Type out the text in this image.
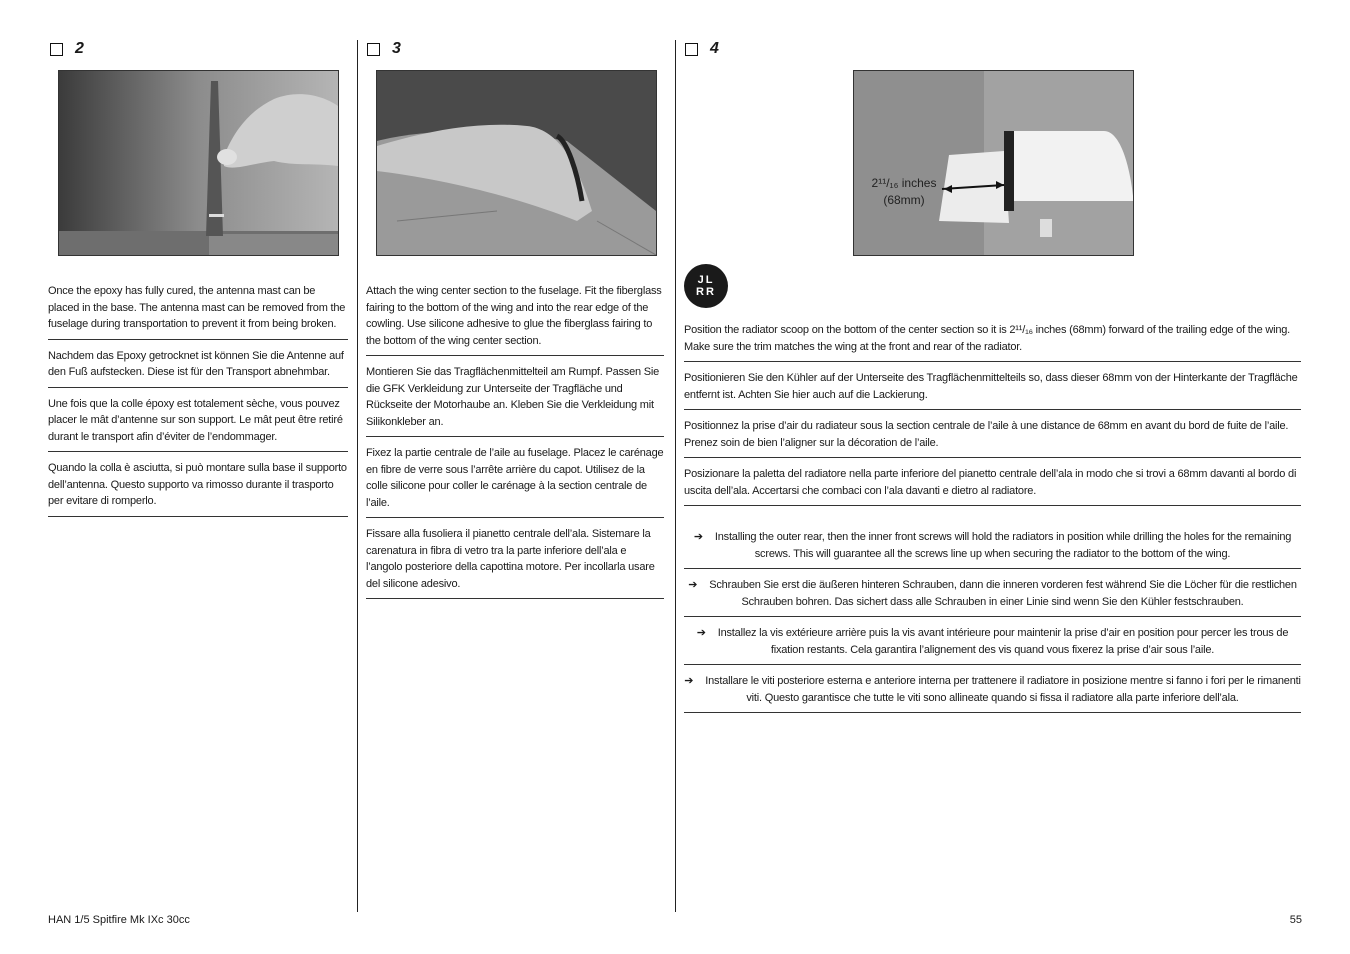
2	3	4
2¹¹/₁₆ inches
(68mm)
JL RR

Once the epoxy has fully cured, the antenna mast can be placed in the base. The antenna mast can be removed from the fuselage during transportation to prevent it from being broken.

Nachdem das Epoxy getrocknet ist können Sie die Antenne auf den Fuß aufstecken. Diese ist für den Transport abnehmbar.

Une fois que la colle époxy est totalement sèche, vous pouvez placer le mât d’antenne sur son support. Le mât peut être retiré durant le transport afin d’éviter de l’endommager.

Quando la colla è asciutta, si può montare sulla base il supporto dell’antenna. Questo supporto va rimosso durante il trasporto per evitare di romperlo.

Attach the wing center section to the fuselage. Fit the fiberglass fairing to the bottom of the wing and into the rear edge of the cowling. Use silicone adhesive to glue the fiberglass fairing to the bottom of the wing center section.

Montieren Sie das Tragflächenmittelteil am Rumpf. Passen Sie die GFK Verkleidung zur Unterseite der Tragfläche und Rückseite der Motorhaube an. Kleben Sie die Verkleidung mit Silikonkleber an.

Fixez la partie centrale de l’aile au fuselage. Placez le carénage en fibre de verre sous l’arrête arrière du capot. Utilisez de la colle silicone pour coller le carénage à la section centrale de l’aile.

Fissare alla fusoliera il pianetto centrale dell’ala. Sistemare la carenatura in fibra di vetro tra la parte inferiore dell’ala e l’angolo posteriore della capottina motore. Per incollarla usare del silicone adesivo.

Position the radiator scoop on the bottom of the center section so it is 2¹¹/₁₆ inches (68mm) forward of the trailing edge of the wing. Make sure the trim matches the wing at the front and rear of the radiator.

Positionieren Sie den Kühler auf der Unterseite des Tragflächenmittelteils so, dass dieser 68mm von der Hinterkante der Tragfläche entfernt ist. Achten Sie hier auch auf die Lackierung.

Positionnez la prise d’air du radiateur sous la section centrale de l’aile à une distance de 68mm en avant du bord de fuite de l’aile. Prenez soin de bien l’aligner sur la décoration de l’aile.

Posizionare la paletta del radiatore nella parte inferiore del pianetto centrale dell’ala in modo che si trovi a 68mm davanti al bordo di uscita dell’ala. Accertarsi che combaci con l’ala davanti e dietro al radiatore.

➔ Installing the outer rear, then the inner front screws will hold the radiators in position while drilling the holes for the remaining screws. This will guarantee all the screws line up when securing the radiator to the bottom of the wing.

➔ Schrauben Sie erst die äußeren hinteren Schrauben, dann die inneren vorderen fest während Sie die Löcher für die restlichen Schrauben bohren. Das sichert dass alle Schrauben in einer Linie sind wenn Sie den Kühler festschrauben.

➔ Installez la vis extérieure arrière puis la vis avant intérieure pour maintenir la prise d’air en position pour percer les trous de fixation restants. Cela garantira l’alignement des vis quand vous fixerez la prise d’air sous l’aile.

➔ Installare le viti posteriore esterna e anteriore interna per trattenere il radiatore in posizione mentre si fanno i fori per le rimanenti viti. Questo garantisce che tutte le viti sono allineate quando si fissa il radiatore alla parte inferiore dell’ala.

HAN 1/5 Spitfire Mk IXc 30cc	55
